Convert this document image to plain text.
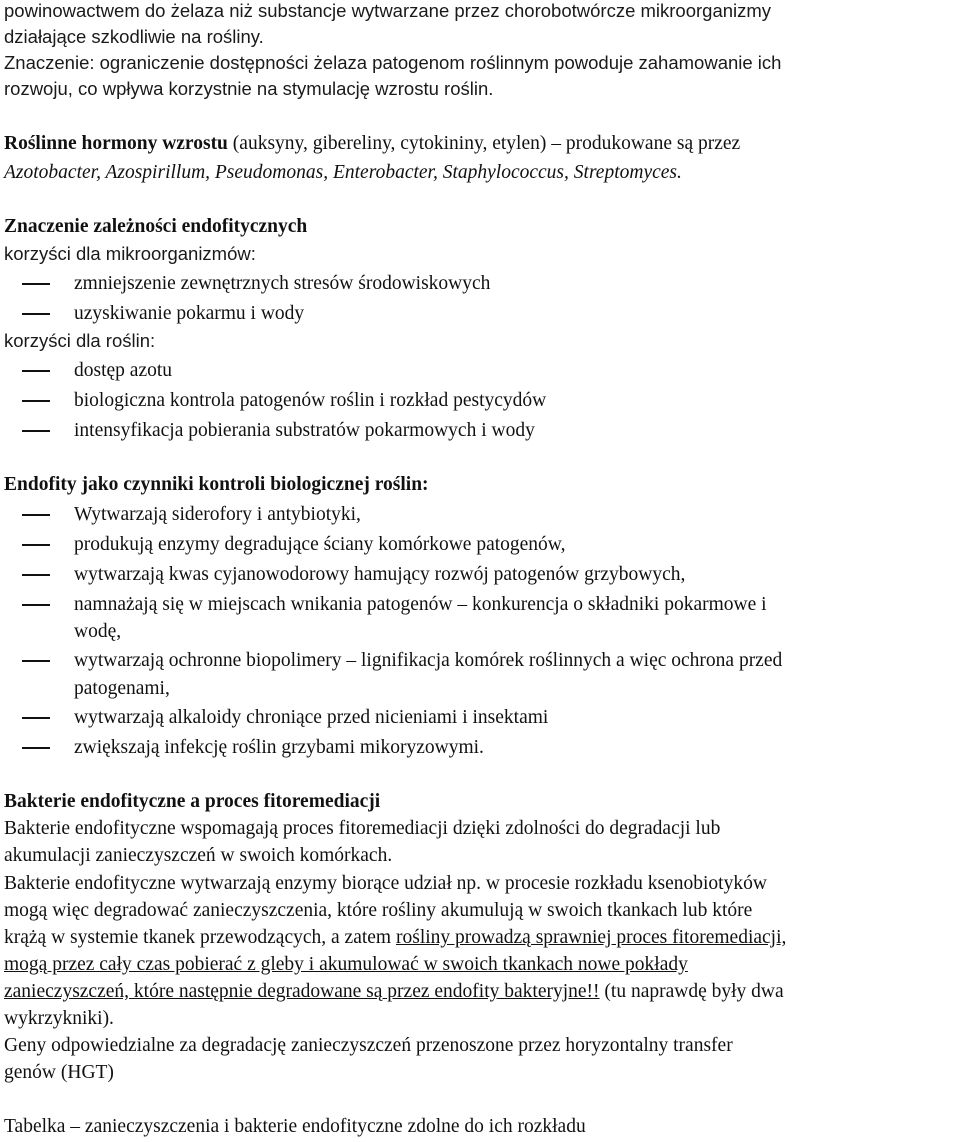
powinowactwem do żelaza niż substancje wytwarzane przez chorobotwórcze mikroorganizmy
działające szkodliwie na rośliny.
Znaczenie: ograniczenie dostępności żelaza patogenom roślinnym powoduje zahamowanie ich
rozwoju, co wpływa korzystnie na stymulację wzrostu roślin.
Roślinne hormony wzrostu (auksyny, gibereliny, cytokininy, etylen) – produkowane są przez
Azotobacter, Azospirillum, Pseudomonas, Enterobacter, Staphylococcus, Streptomyces.
Znaczenie zależności endofitycznych
korzyści dla mikroorganizmów:
zmniejszenie zewnętrznych stresów środowiskowych
uzyskiwanie pokarmu i wody
korzyści dla roślin:
dostęp azotu
biologiczna kontrola patogenów roślin i rozkład pestycydów
intensyfikacja pobierania substratów pokarmowych i wody
Endofity jako czynniki kontroli biologicznej roślin:
Wytwarzają siderofory i antybiotyki,
produkują enzymy degradujące ściany komórkowe patogenów,
wytwarzają kwas cyjanowodorowy hamujący rozwój patogenów grzybowych,
namnażają się w miejscach wnikania patogenów – konkurencja o składniki pokarmowe i
wodę,
wytwarzają ochronne biopolimery – lignifikacja komórek roślinnych a więc ochrona przed
patogenami,
wytwarzają alkaloidy chroniące przed nicieniami i insektami
zwiększają infekcję roślin grzybami mikoryzowymi.
Bakterie endofityczne a proces fitoremediacji
Bakterie endofityczne wspomagają proces fitoremediacji dzięki zdolności do degradacji lub
akumulacji zanieczyszczeń w swoich komórkach.
Bakterie endofityczne wytwarzają enzymy biorące udział np. w procesie rozkładu ksenobiotyków
mogą więc degradować zanieczyszczenia, które rośliny akumulują w swoich tkankach lub które
krążą w systemie tkanek przewodzących, a zatem rośliny prowadzą sprawniej proces fitoremediacji,
mogą przez cały czas pobierać z gleby i akumulować w swoich tkankach nowe pokłady
zanieczyszczeń, które następnie degradowane są przez endofity bakteryjne!! (tu naprawdę były dwa
wykrzykniki).
Geny odpowiedzialne za degradację zanieczyszczeń przenoszone przez horyzontalny transfer
genów (HGT)
Tabelka – zanieczyszczenia i bakterie endofityczne zdolne do ich rozkładu
